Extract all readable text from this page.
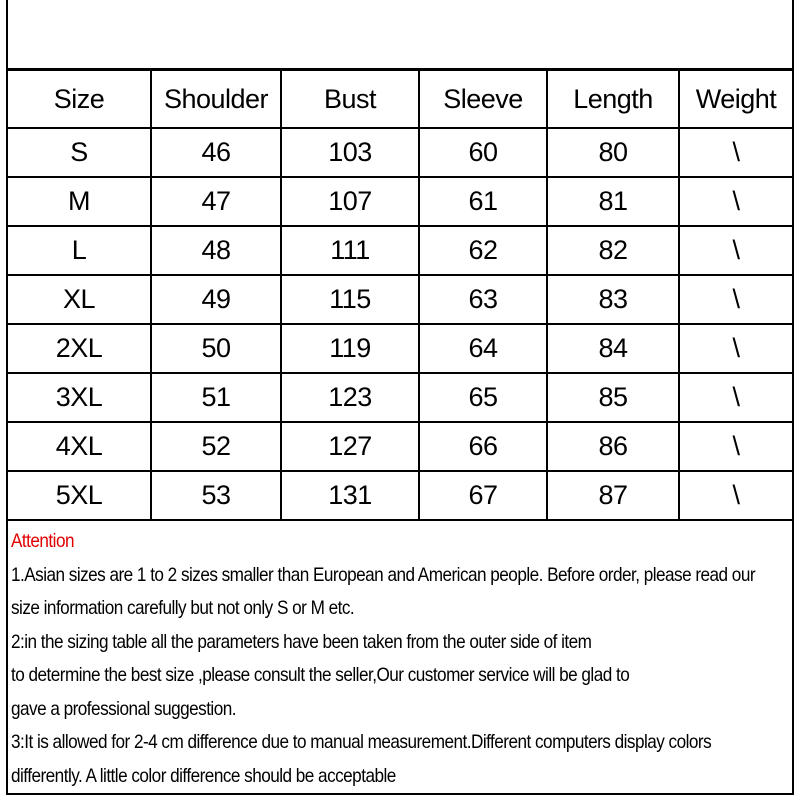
Size	Shoulder	Bust	Sleeve	Length	Weight
S	46	103	60	80	\
M	47	107	61	81	\
L	48	111	62	82	\
XL	49	115	63	83	\
2XL	50	119	64	84	\
3XL	51	123	65	85	\
4XL	52	127	66	86	\
5XL	53	131	67	87	\
Attention
1.Asian sizes are 1 to 2 sizes smaller than European and American people. Before order, please read our
size information carefully but not only S or M etc.
2:in the sizing table all the parameters have been taken from the outer side of item
to determine the best size ,please consult the seller,Our customer service will be glad to
gave a professional suggestion.
3:It is allowed for 2-4 cm difference due to manual measurement.Different computers display colors
differently. A little color difference should be acceptable
